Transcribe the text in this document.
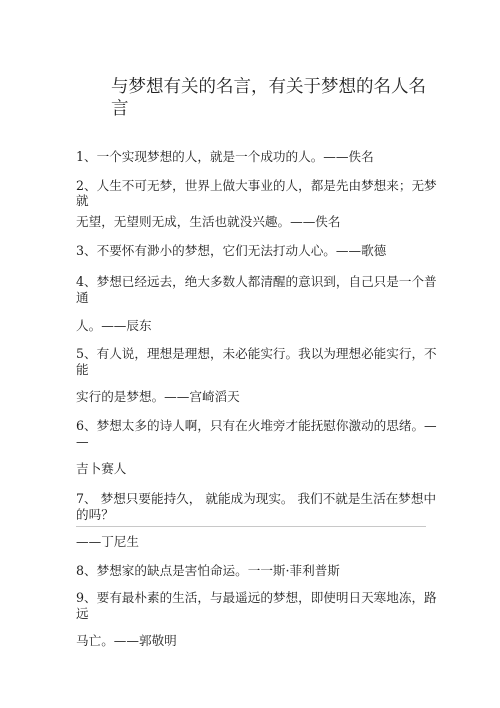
与梦想有关的名言，有关于梦想的名人名
言
1、一个实现梦想的人，就是一个成功的人。——佚名
2、人生不可无梦，世界上做大事业的人，都是先由梦想来；无梦
就
无望，无望则无成，生活也就没兴趣。——佚名
3、不要怀有渺小的梦想，它们无法打动人心。——歌德
4、梦想已经远去，绝大多数人都清醒的意识到，自己只是一个普
通
人。——辰东
5、有人说，理想是理想，未必能实行。我以为理想必能实行，不
能
实行的是梦想。——宫崎滔天
6、梦想太多的诗人啊，只有在火堆旁才能抚慰你激动的思绪。—
—
吉卜赛人
7、 梦想只要能持久， 就能成为现实。 我们不就是生活在梦想中
的吗？
——丁尼生
8、梦想家的缺点是害怕命运。一一斯·菲利普斯
9、要有最朴素的生活，与最遥远的梦想，即使明日天寒地冻，路
远
马亡。——郭敬明
